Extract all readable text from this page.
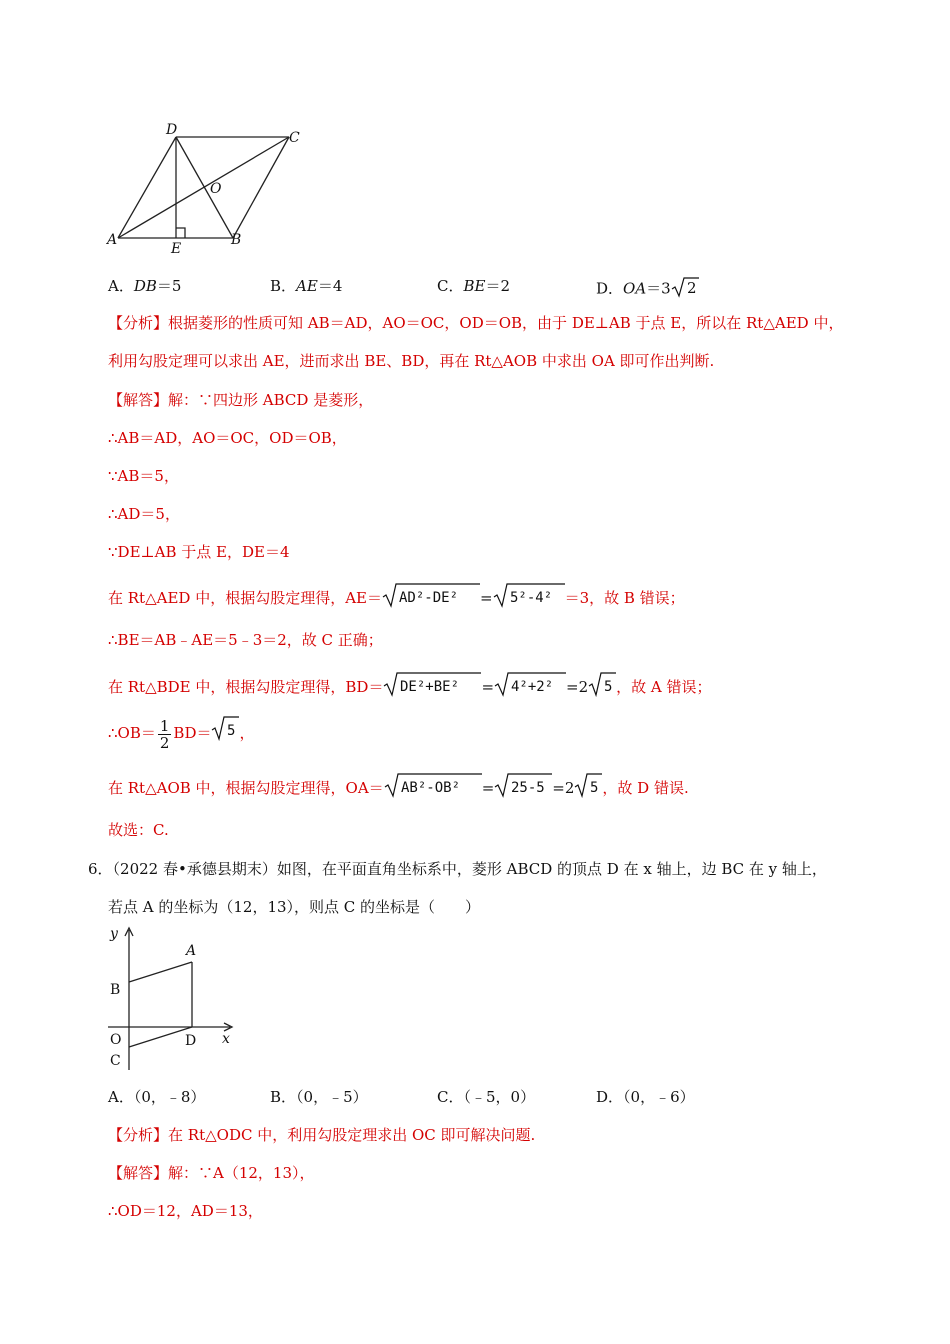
D	C
O
A
E
B
A．DB＝5	B．AE＝4	C．BE＝2	D．OA＝3 2
【分析】根据菱形的性质可知 AB＝AD，AO＝OC，OD＝OB，由于 DE⊥AB 于点 E，所以在 Rt△AED 中，
利用勾股定理可以求出 AE，进而求出 BE、BD，再在 Rt△AOB 中求出 OA 即可作出判断.
【解答】解：∵四边形 ABCD 是菱形，
∴AB＝AD，AO＝OC，OD＝OB，
∵AB＝5，
∴AD＝5，
∵DE⊥AB 于点 E，DE＝4
在 Rt△AED 中，根据勾股定理得，AE＝ AD²-DE² = 5²-4² ＝3，故 B 错误；
∴BE＝AB﹣AE＝5﹣3＝2，故 C 正确；
在 Rt△BDE 中，根据勾股定理得，BD＝ DE²+BE² = 4²+2² =2 5 ，故 A 错误；
∴OB＝ $\frac{1}{2} BD= 5$ ，
在 Rt△AOB 中，根据勾股定理得，OA＝ AB²-OB² = 25-5 =2 5 ，故 D 错误.
故选：C.
6．（2022 春•承德县期末）如图，在平面直角坐标系中，菱形 ABCD 的顶点 D 在 x 轴上，边 BC 在 y 轴上，
若点 A 的坐标为（12，13），则点 C 的坐标是（　　）
y
A
B
O	D x
C
A．（0，﹣8）	B．（0，﹣5）	C．（﹣5，0）	D．（0，﹣6）
【分析】在 Rt△ODC 中，利用勾股定理求出 OC 即可解决问题.
【解答】解：∵A（12，13），
∴OD＝12，AD＝13，
